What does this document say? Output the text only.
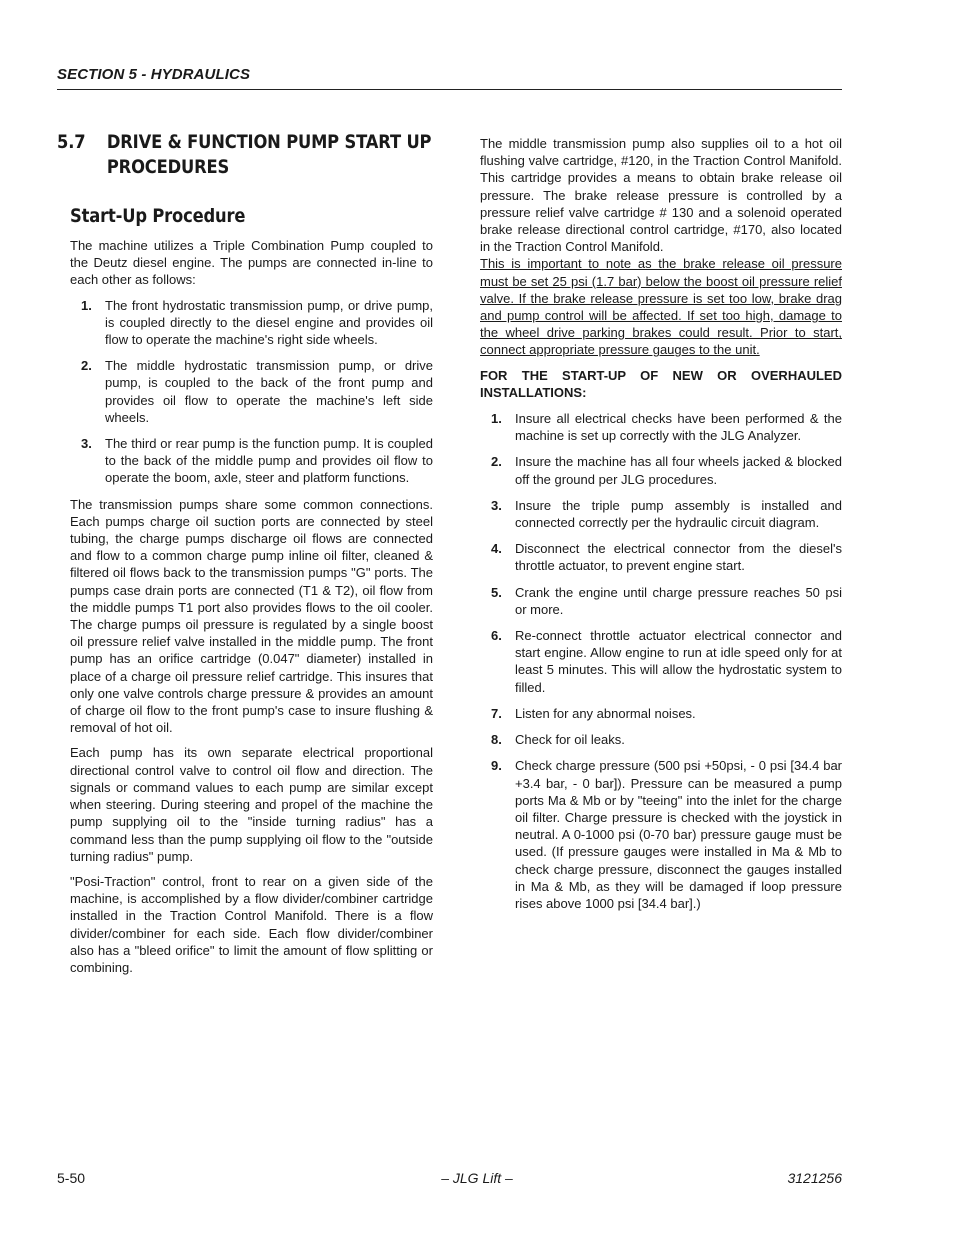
SECTION 5 - HYDRAULICS
5.7	DRIVE & FUNCTION PUMP START UP PROCEDURES
Start-Up Procedure

The machine utilizes a Triple Combination Pump coupled to the Deutz diesel engine. The pumps are connected in-line to each other as follows:

1.	The front hydrostatic transmission pump, or drive pump, is coupled directly to the diesel engine and provides oil flow to operate the machine's right side wheels.
2.	The middle hydrostatic transmission pump, or drive pump, is coupled to the back of the front pump and provides oil flow to operate the machine's left side wheels.
3.	The third or rear pump is the function pump. It is coupled to the back of the middle pump and provides oil flow to operate the boom, axle, steer and platform functions.

The transmission pumps share some common connections. Each pumps charge oil suction ports are connected by steel tubing, the charge pumps discharge oil flows are connected and flow to a common charge pump inline oil filter, cleaned & filtered oil flows back to the transmission pumps "G" ports. The pumps case drain ports are connected (T1 & T2), oil flow from the middle pumps T1 port also provides flows to the oil cooler. The charge pumps oil pressure is regulated by a single boost oil pressure relief valve installed in the middle pump. The front pump has an orifice cartridge (0.047" diameter) installed in place of a charge oil pressure relief cartridge. This insures that only one valve controls charge pressure & provides an amount of charge oil flow to the front pump's case to insure flushing & removal of hot oil.

Each pump has its own separate electrical proportional directional control valve to control oil flow and direction. The signals or command values to each pump are similar except when steering. During steering and propel of the machine the pump supplying oil to the "inside turning radius" has a command less than the pump supplying oil flow to the "outside turning radius" pump.

"Posi-Traction" control, front to rear on a given side of the machine, is accomplished by a flow divider/combiner cartridge installed in the Traction Control Manifold. There is a flow divider/combiner for each side. Each flow divider/combiner also has a "bleed orifice" to limit the amount of flow splitting or combining.

The middle transmission pump also supplies oil to a hot oil flushing valve cartridge, #120, in the Traction Control Manifold. This cartridge provides a means to obtain brake release oil pressure. The brake release pressure is controlled by a pressure relief valve cartridge # 130 and a solenoid operated brake release directional control cartridge, #170, also located in the Traction Control Manifold.

This is important to note as the brake release oil pressure must be set 25 psi (1.7 bar) below the boost oil pressure relief valve. If the brake release pressure is set too low, brake drag and pump control will be affected. If set too high, damage to the wheel drive parking brakes could result. Prior to start, connect appropriate pressure gauges to the unit.

FOR THE START-UP OF NEW OR OVERHAULED INSTALLATIONS:
1.	Insure all electrical checks have been performed & the machine is set up correctly with the JLG Analyzer.
2.	Insure the machine has all four wheels jacked & blocked off the ground per JLG procedures.
3.	Insure the triple pump assembly is installed and connected correctly per the hydraulic circuit diagram.
4.	Disconnect the electrical connector from the diesel's throttle actuator, to prevent engine start.
5.	Crank the engine until charge pressure reaches 50 psi or more.
6.	Re-connect throttle actuator electrical connector and start engine. Allow engine to run at idle speed only for at least 5 minutes. This will allow the hydrostatic system to filled.
7.	Listen for any abnormal noises.
8.	Check for oil leaks.
9.	Check charge pressure (500 psi +50psi, - 0 psi [34.4 bar +3.4 bar, - 0 bar]). Pressure can be measured a pump ports Ma & Mb or by "teeing" into the inlet for the charge oil filter. Charge pressure is checked with the joystick in neutral. A 0-1000 psi (0-70 bar) pressure gauge must be used. (If pressure gauges were installed in Ma & Mb to check charge pressure, disconnect the gauges installed in Ma & Mb, as they will be damaged if loop pressure rises above 1000 psi [34.4 bar].)
5-50	– JLG Lift –	3121256
